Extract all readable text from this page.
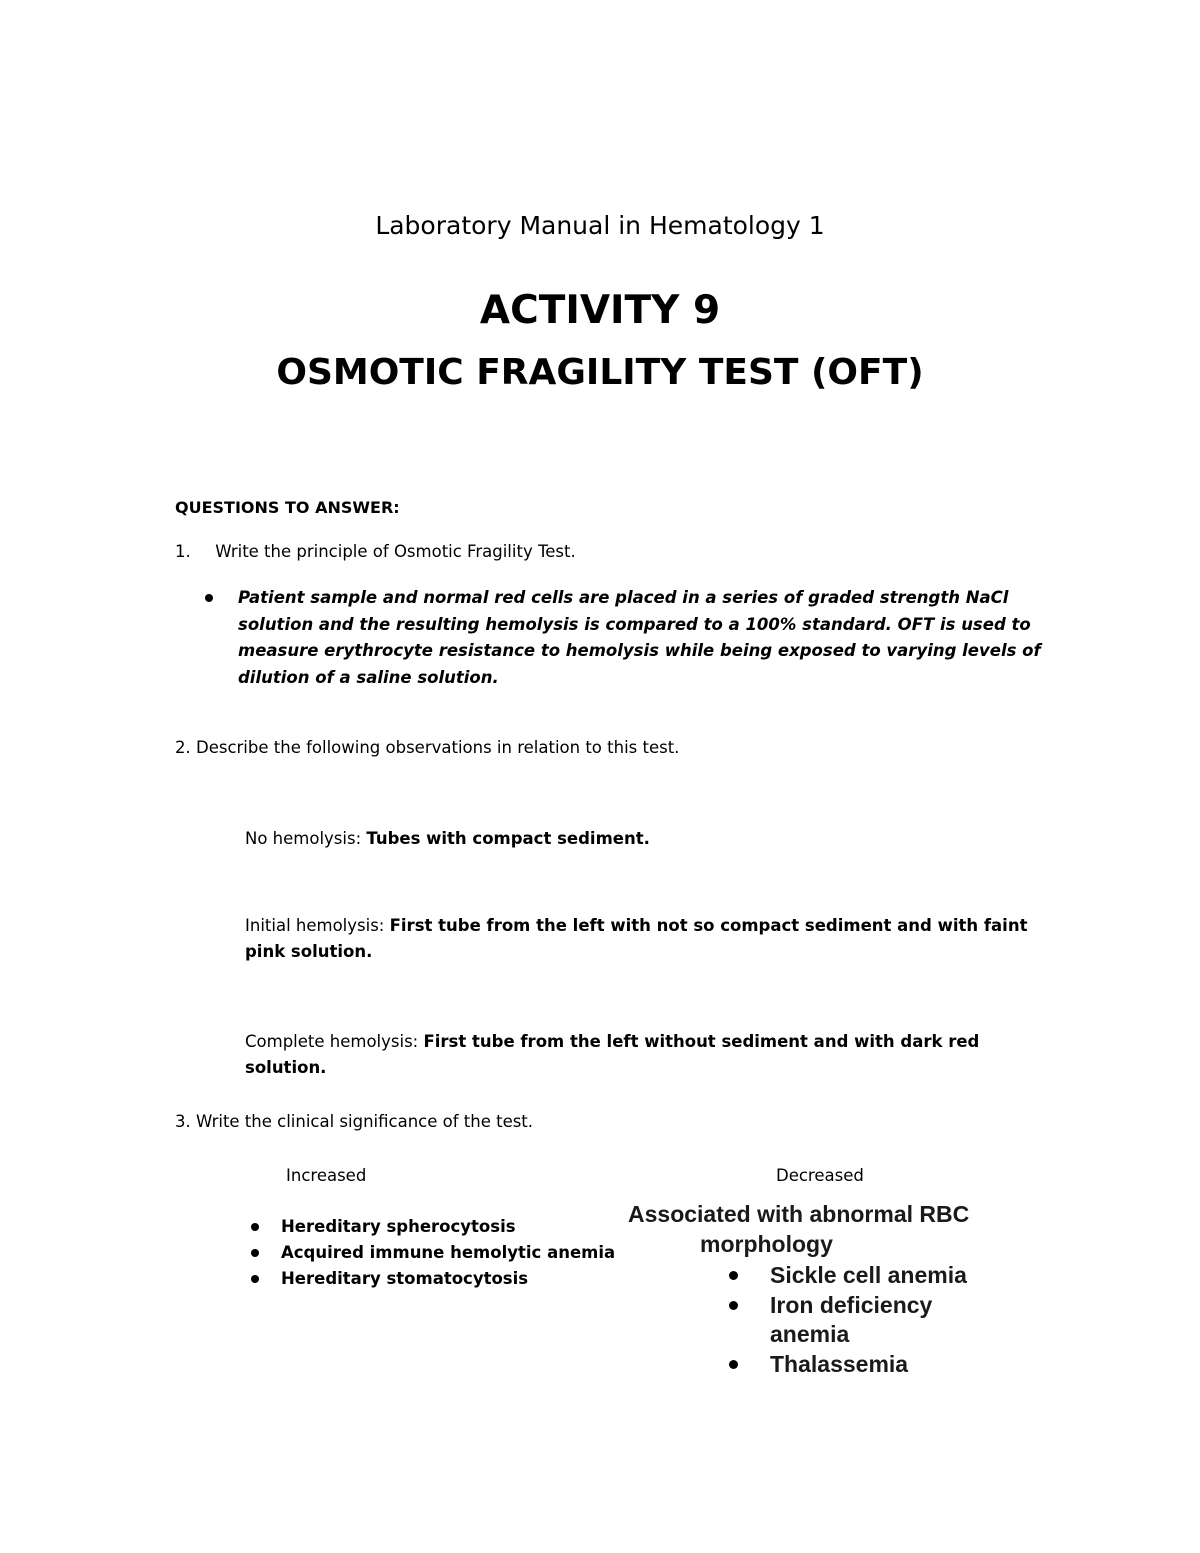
Laboratory Manual in Hematology 1
ACTIVITY 9
OSMOTIC FRAGILITY TEST (OFT)
QUESTIONS TO ANSWER:
1. Write the principle of Osmotic Fragility Test.
Patient sample and normal red cells are placed in a series of graded strength NaCl solution and the resulting hemolysis is compared to a 100% standard. OFT is used to measure erythrocyte resistance to hemolysis while being exposed to varying levels of dilution of a saline solution.
2. Describe the following observations in relation to this test.
No hemolysis: Tubes with compact sediment.
Initial hemolysis: First tube from the left with not so compact sediment and with faint pink solution.
Complete hemolysis: First tube from the left without sediment and with dark red solution.
3. Write the clinical significance of the test.
Increased
Hereditary spherocytosis
Acquired immune hemolytic anemia
Hereditary stomatocytosis
Decreased
Associated with abnormal RBC
morphology
Sickle cell anemia
Iron deficiency
anemia
Thalassemia
